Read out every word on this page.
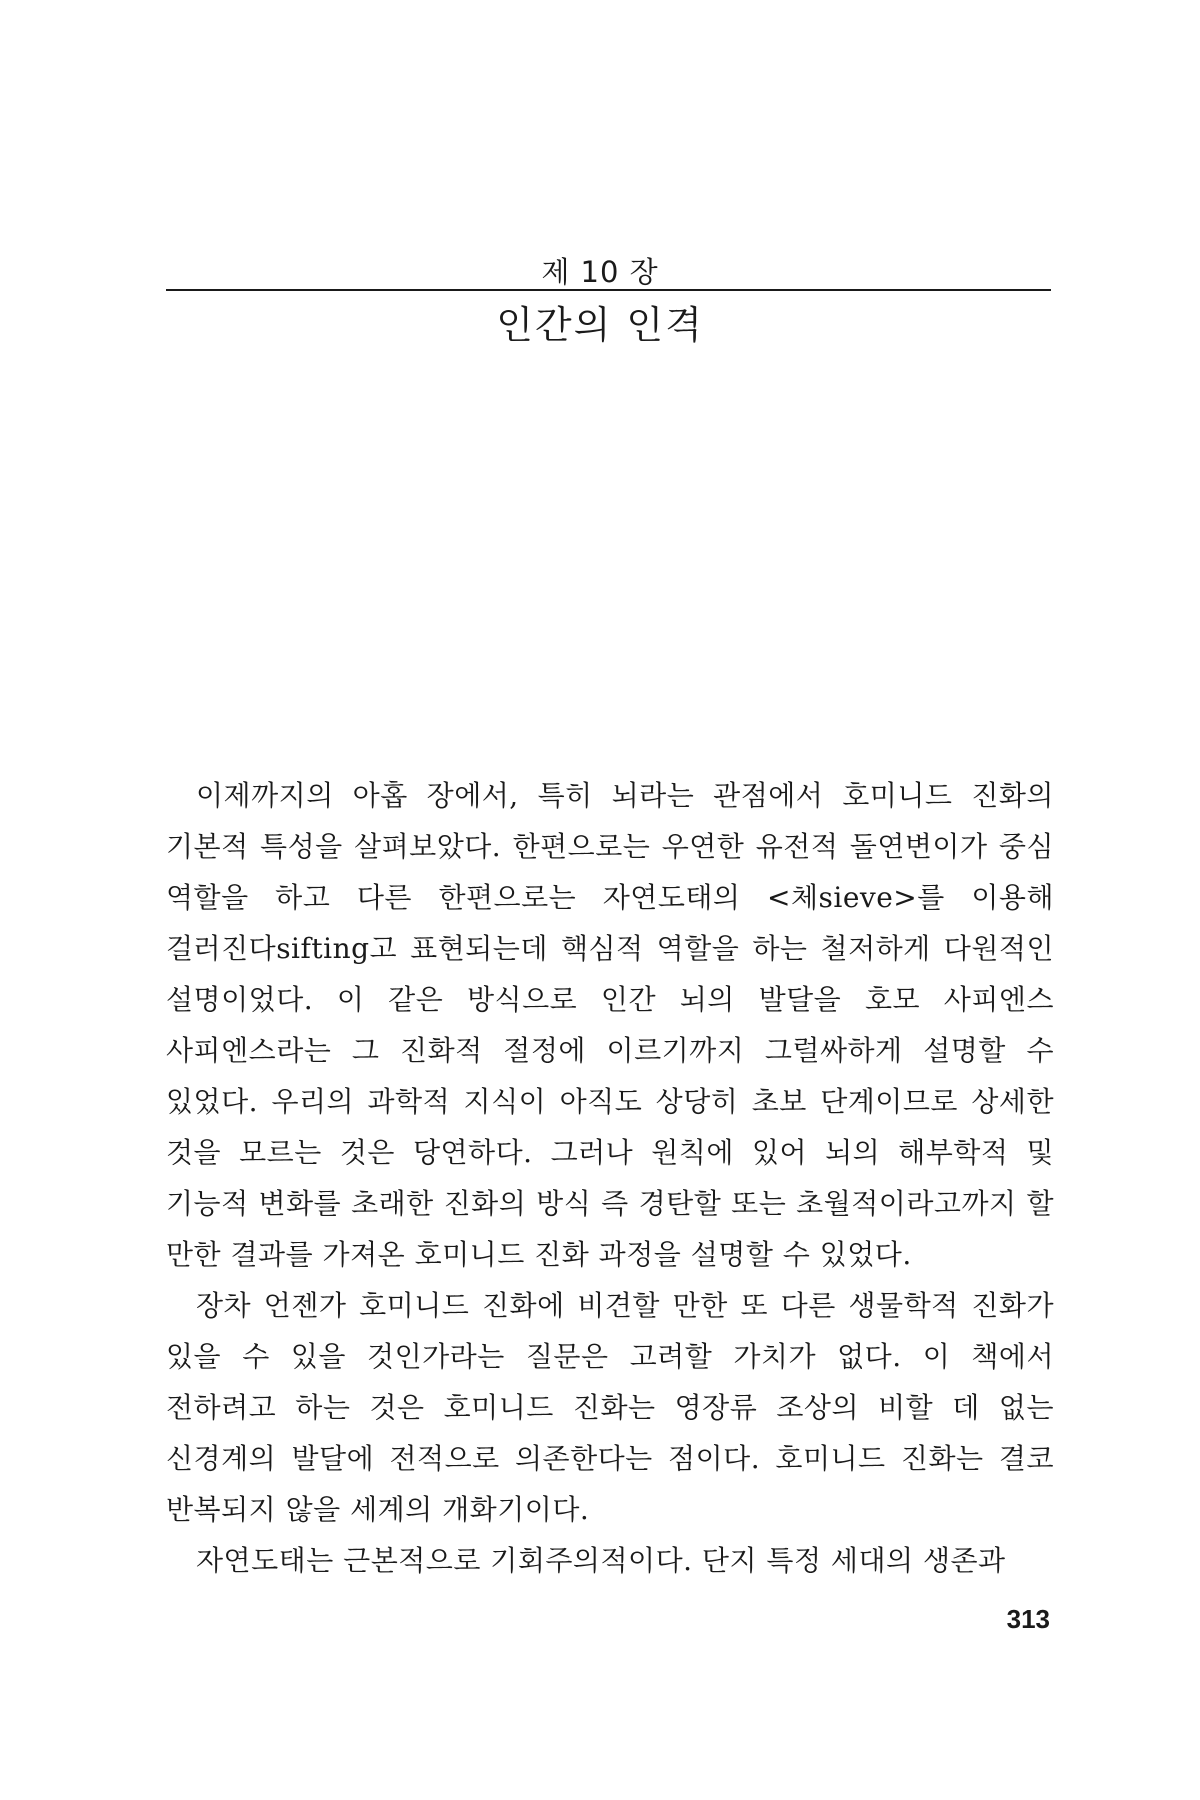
제 10 장
인간의 인격

이제까지의 아홉 장에서, 특히 뇌라는 관점에서 호미니드 진화의 기본적 특성을 살펴보았다. 한편으로는 우연한 유전적 돌연변이가 중심 역할을 하고 다른 한편으로는 자연도태의 <체sieve>를 이용해 걸러진다sifting고 표현되는데 핵심적 역할을 하는 철저하게 다원적인 설명이었다. 이 같은 방식으로 인간 뇌의 발달을 호모 사피엔스 사피엔스라는 그 진화적 절정에 이르기까지 그럴싸하게 설명할 수 있었다. 우리의 과학적 지식이 아직도 상당히 초보 단계이므로 상세한 것을 모르는 것은 당연하다. 그러나 원칙에 있어 뇌의 해부학적 및 기능적 변화를 초래한 진화의 방식 즉 경탄할 또는 초월적이라고까지 할 만한 결과를 가져온 호미니드 진화 과정을 설명할 수 있었다.

장차 언젠가 호미니드 진화에 비견할 만한 또 다른 생물학적 진화가 있을 수 있을 것인가라는 질문은 고려할 가치가 없다. 이 책에서 전하려고 하는 것은 호미니드 진화는 영장류 조상의 비할 데 없는 신경계의 발달에 전적으로 의존한다는 점이다. 호미니드 진화는 결코 반복되지 않을 세계의 개화기이다.

자연도태는 근본적으로 기회주의적이다. 단지 특정 세대의 생존과

313
